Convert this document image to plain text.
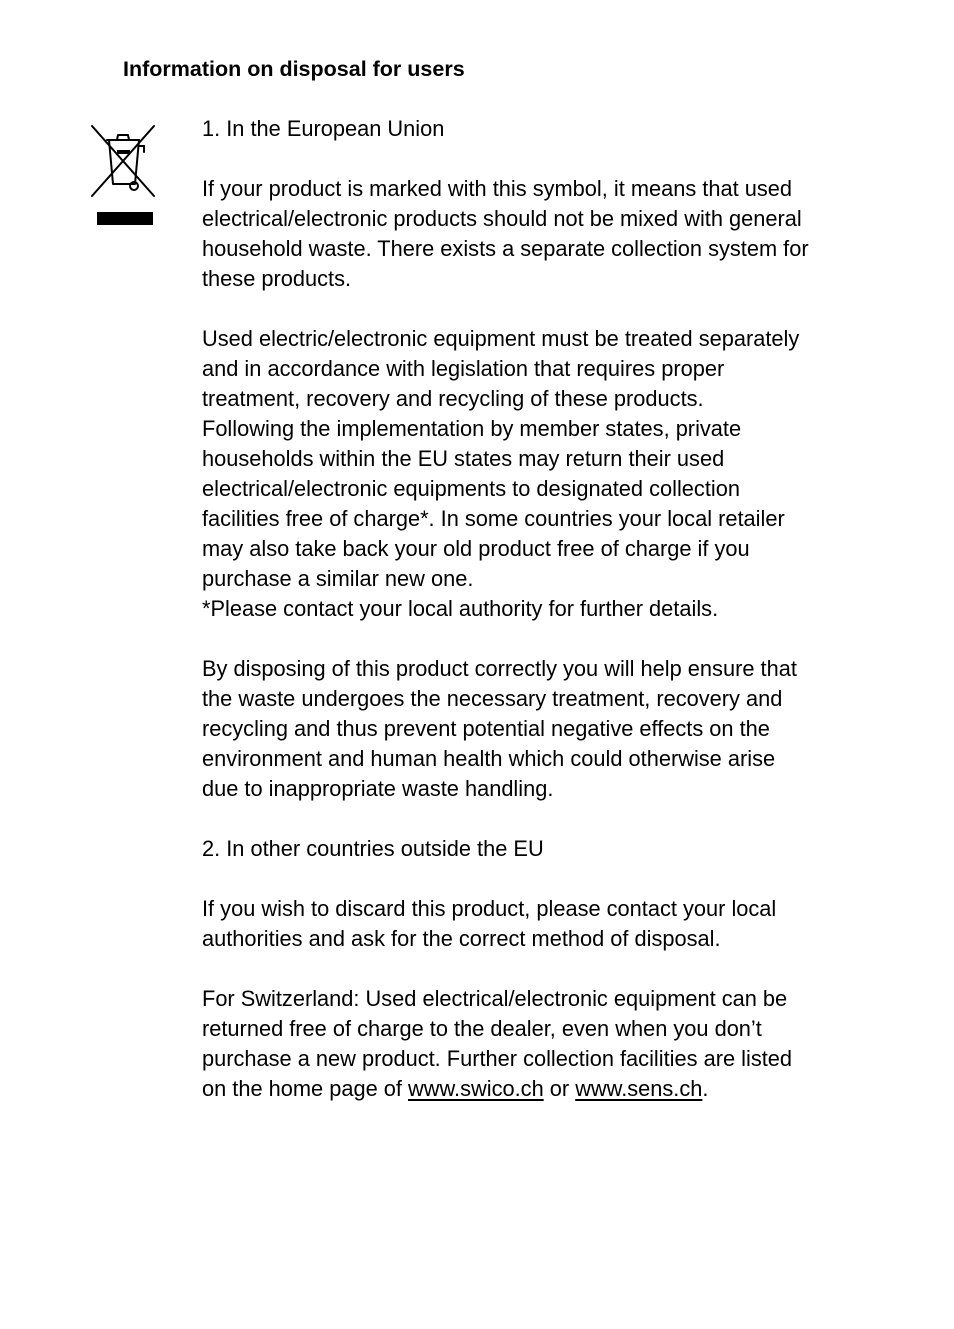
Information on disposal for users

1. In the European Union

If your product is marked with this symbol, it means that used
electrical/electronic products should not be mixed with general
household waste. There exists a separate collection system for
these products.

Used electric/electronic equipment must be treated separately
and in accordance with legislation that requires proper
treatment, recovery and recycling of these products.
Following the implementation by member states, private
households within the EU states may return their used
electrical/electronic equipments to designated collection
facilities free of charge*. In some countries your local retailer
may also take back your old product free of charge if you
purchase a similar new one.
*Please contact your local authority for further details.

By disposing of this product correctly you will help ensure that
the waste undergoes the necessary treatment, recovery and
recycling and thus prevent potential negative effects on the
environment and human health which could otherwise arise
due to inappropriate waste handling.

2. In other countries outside the EU

If you wish to discard this product, please contact your local
authorities and ask for the correct method of disposal.

For Switzerland: Used electrical/electronic equipment can be
returned free of charge to the dealer, even when you don’t
purchase a new product. Further collection facilities are listed
on the home page of www.swico.ch or www.sens.ch.
